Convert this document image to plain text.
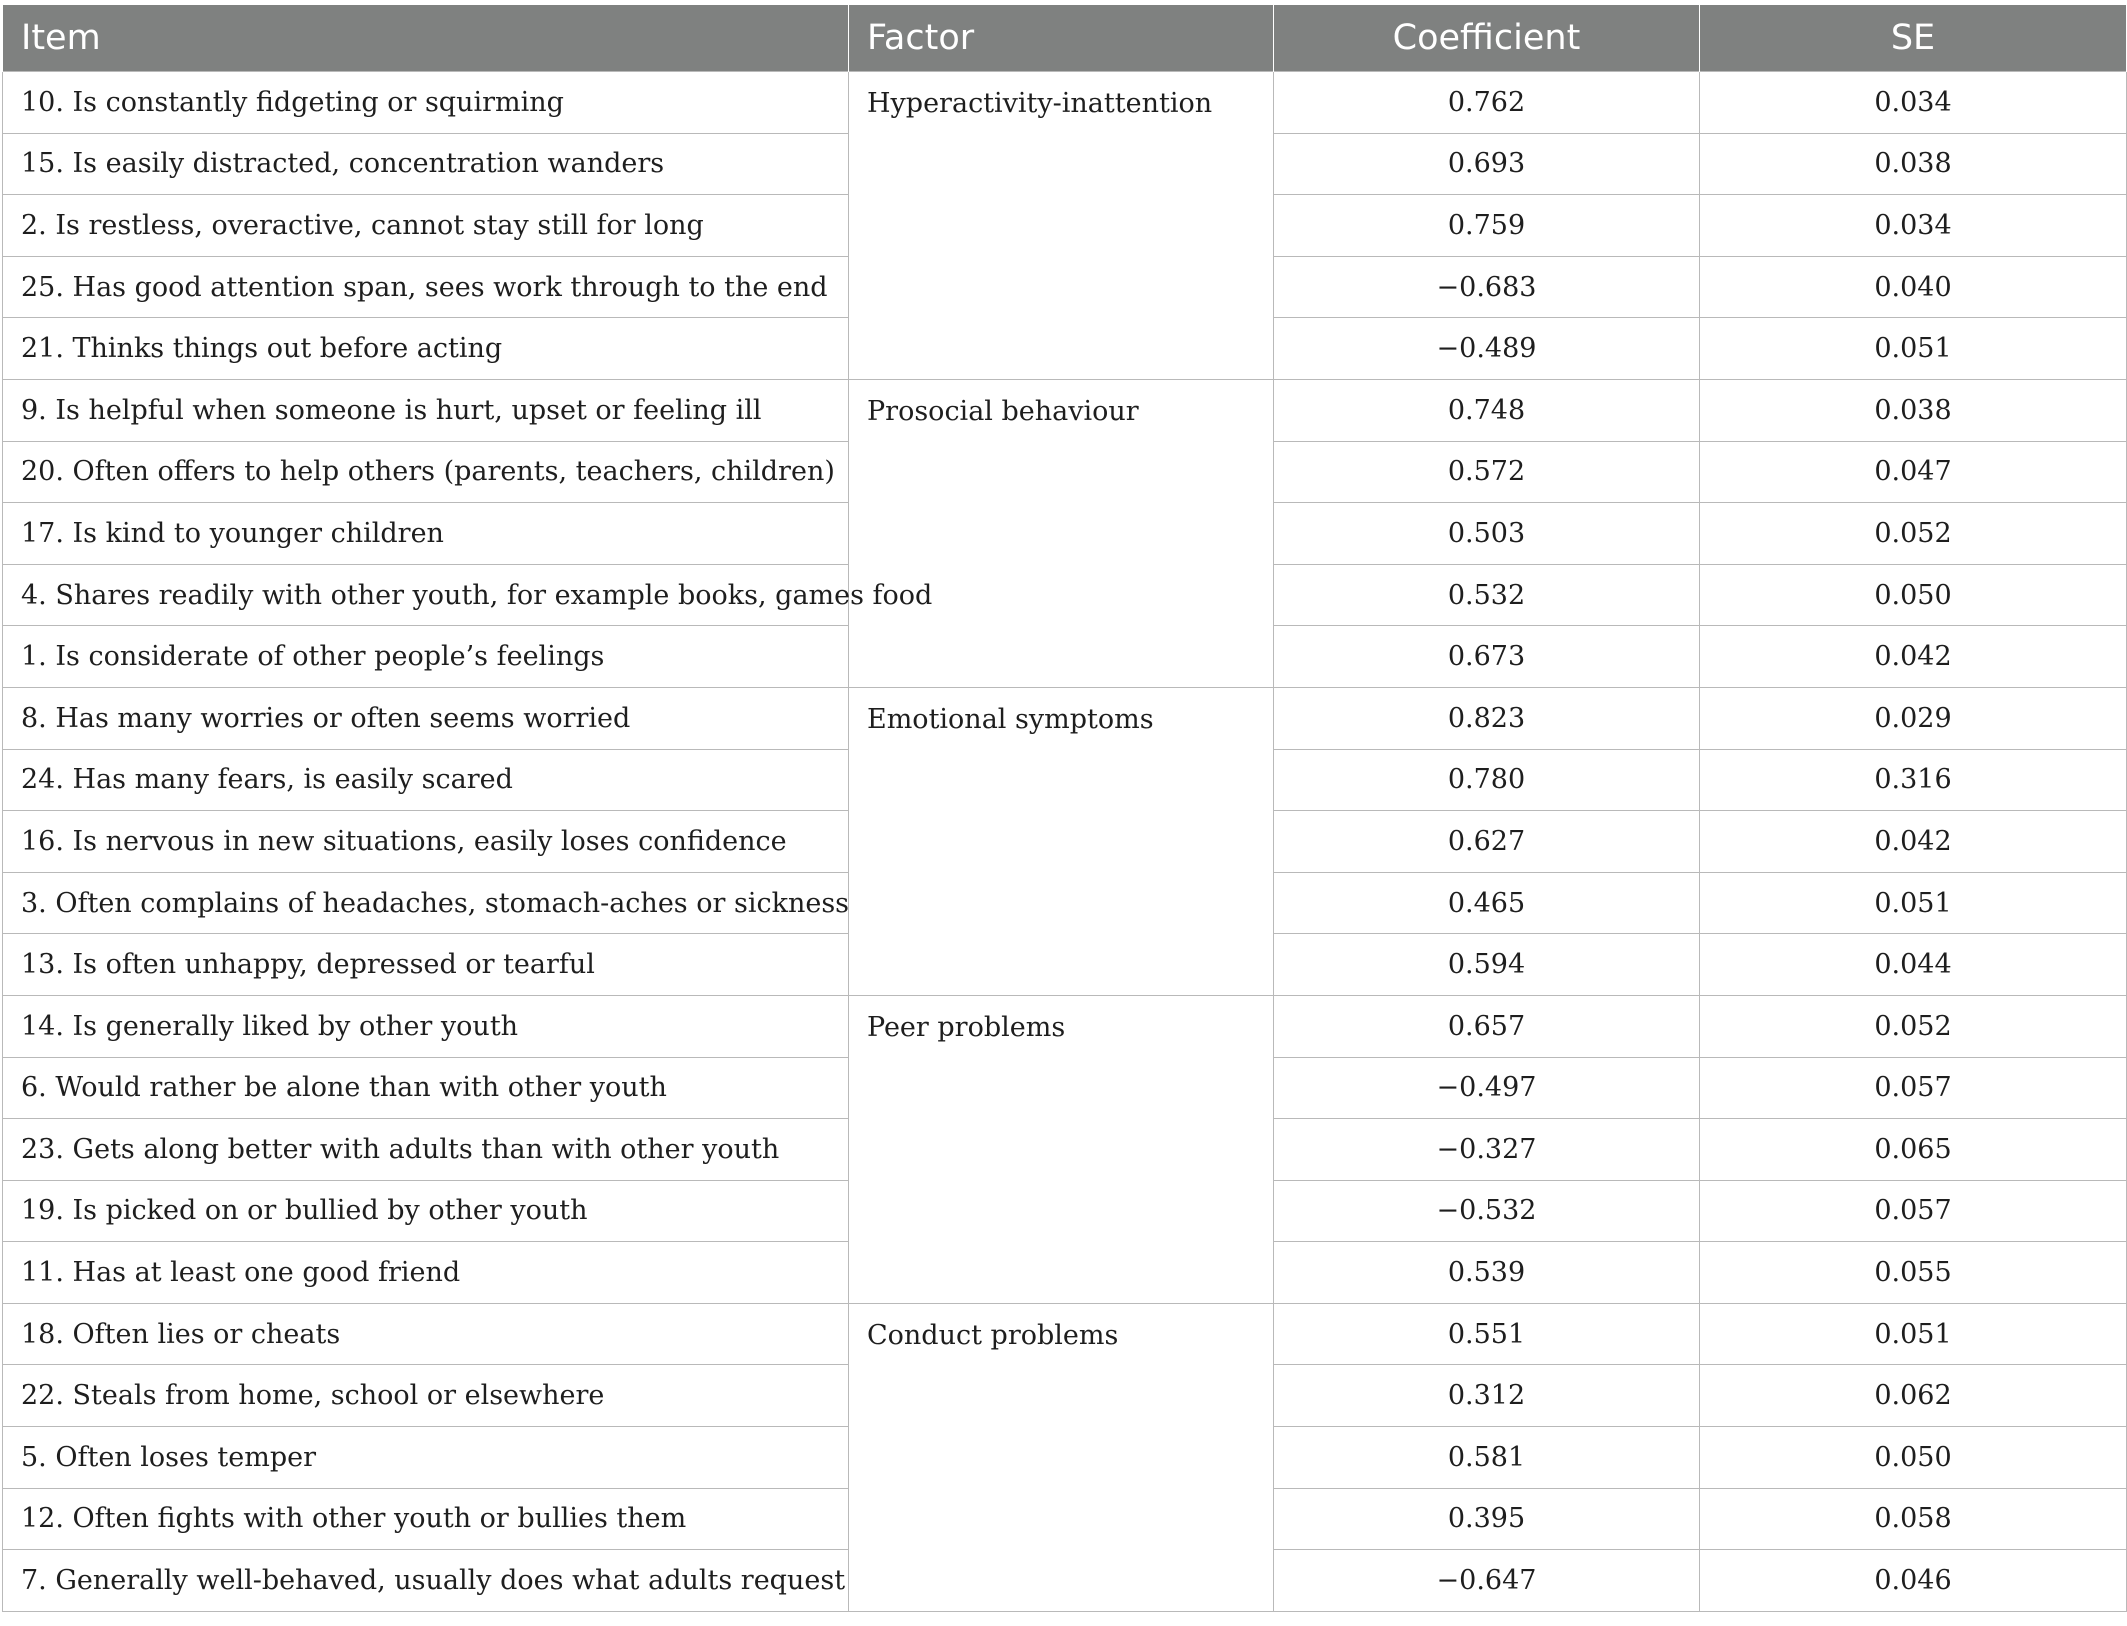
Item	Factor	Coefficient	SE
10. Is constantly fidgeting or squirming	Hyperactivity-inattention	0.762	0.034
15. Is easily distracted, concentration wanders		0.693	0.038
2. Is restless, overactive, cannot stay still for long		0.759	0.034
25. Has good attention span, sees work through to the end		−0.683	0.040
21. Thinks things out before acting		−0.489	0.051
9. Is helpful when someone is hurt, upset or feeling ill	Prosocial behaviour	0.748	0.038
20. Often offers to help others (parents, teachers, children)		0.572	0.047
17. Is kind to younger children		0.503	0.052
4. Shares readily with other youth, for example books, games food		0.532	0.050
1. Is considerate of other people’s feelings		0.673	0.042
8. Has many worries or often seems worried	Emotional symptoms	0.823	0.029
24. Has many fears, is easily scared		0.780	0.316
16. Is nervous in new situations, easily loses confidence		0.627	0.042
3. Often complains of headaches, stomach-aches or sickness		0.465	0.051
13. Is often unhappy, depressed or tearful		0.594	0.044
14. Is generally liked by other youth	Peer problems	0.657	0.052
6. Would rather be alone than with other youth		−0.497	0.057
23. Gets along better with adults than with other youth		−0.327	0.065
19. Is picked on or bullied by other youth		−0.532	0.057
11. Has at least one good friend		0.539	0.055
18. Often lies or cheats	Conduct problems	0.551	0.051
22. Steals from home, school or elsewhere		0.312	0.062
5. Often loses temper		0.581	0.050
12. Often fights with other youth or bullies them		0.395	0.058
7. Generally well-behaved, usually does what adults request		−0.647	0.046
